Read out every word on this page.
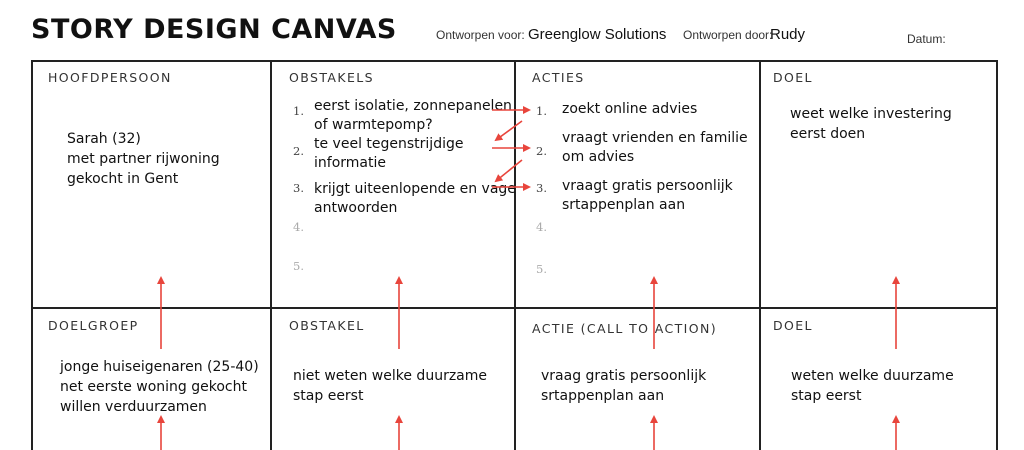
STORY DESIGN CANVAS	Ontworpen voor: Greenglow Solutions Ontworpen door:
Rudy	Datum:
HOOFDPERSOON
Sarah (32)
met partner rijwoning
gekocht in Gent
OBSTAKELS
1.
2.
3.
4.
5.
eerst isolatie, zonnepanelen
of warmtepomp?
te veel tegenstrijdige
informatie
krijgt uiteenlopende en vage
antwoorden
ACTIES
1.
2.
3.
4.
5.
zoekt online advies
vraagt vrienden en familie
om advies
vraagt gratis persoonlijk
srtappenplan aan
DOEL
weet welke investering
eerst doen
DOELGROEP
jonge huiseigenaren (25-40)
net eerste woning gekocht
willen verduurzamen
OBSTAKEL
niet weten welke duurzame
stap eerst
ACTIE (CALL TO ACTION)
vraag gratis persoonlijk
srtappenplan aan
DOEL
weten welke duurzame
stap eerst
